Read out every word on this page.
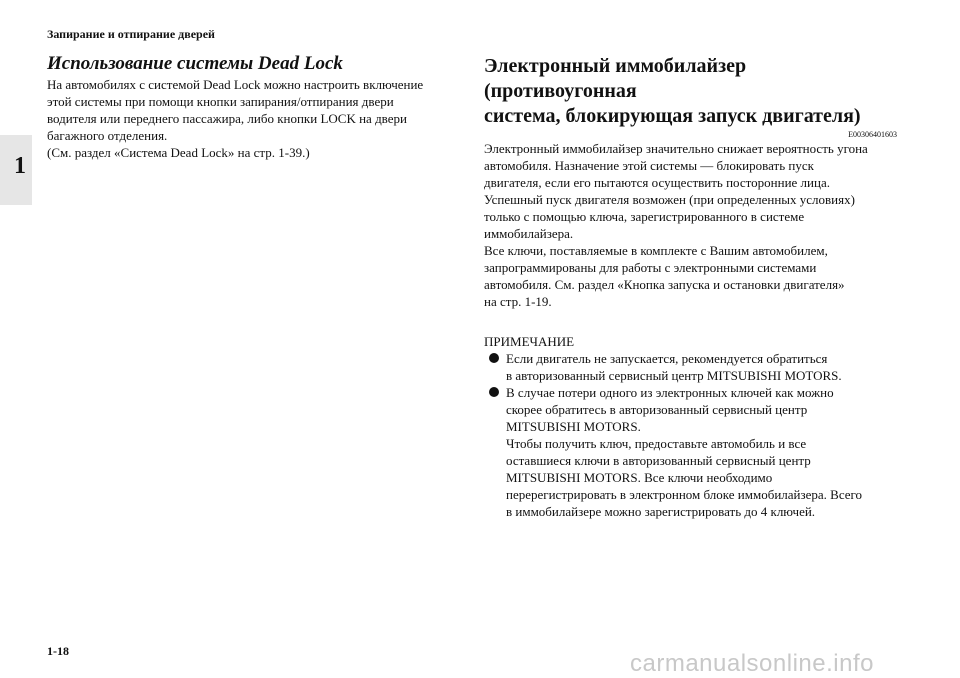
Запирание и отпирание дверей
1
Использование системы Dead Lock
На автомобилях с системой Dead Lock можно настроить включение
этой системы при помощи кнопки запирания/отпирания двери
водителя или переднего пассажира, либо кнопки LOCK на двери
багажного отделения.
(См. раздел «Система Dead Lock» на стр. 1-39.)
Электронный иммобилайзер (противоугонная
система, блокирующая запуск двигателя)
E00306401603
Электронный иммобилайзер значительно снижает вероятность угона
автомобиля. Назначение этой системы — блокировать пуск
двигателя, если его пытаются осуществить посторонние лица.
Успешный пуск двигателя возможен (при определенных условиях)
только с помощью ключа, зарегистрированного в системе
иммобилайзера.
Все ключи, поставляемые в комплекте с Вашим автомобилем,
запрограммированы для работы с электронными системами
автомобиля. См. раздел «Кнопка запуска и остановки двигателя»
на стр. 1-19.
ПРИМЕЧАНИЕ
Если двигатель не запускается, рекомендуется обратиться
в авторизованный сервисный центр MITSUBISHI MOTORS.
В случае потери одного из электронных ключей как можно
скорее обратитесь в авторизованный сервисный центр
MITSUBISHI MOTORS.
Чтобы получить ключ, предоставьте автомобиль и все
оставшиеся ключи в авторизованный сервисный центр
MITSUBISHI MOTORS. Все ключи необходимо
перерегистрировать в электронном блоке иммобилайзера. Всего
в иммобилайзере можно зарегистрировать до 4 ключей.
1-18	carmanualsonline.info
